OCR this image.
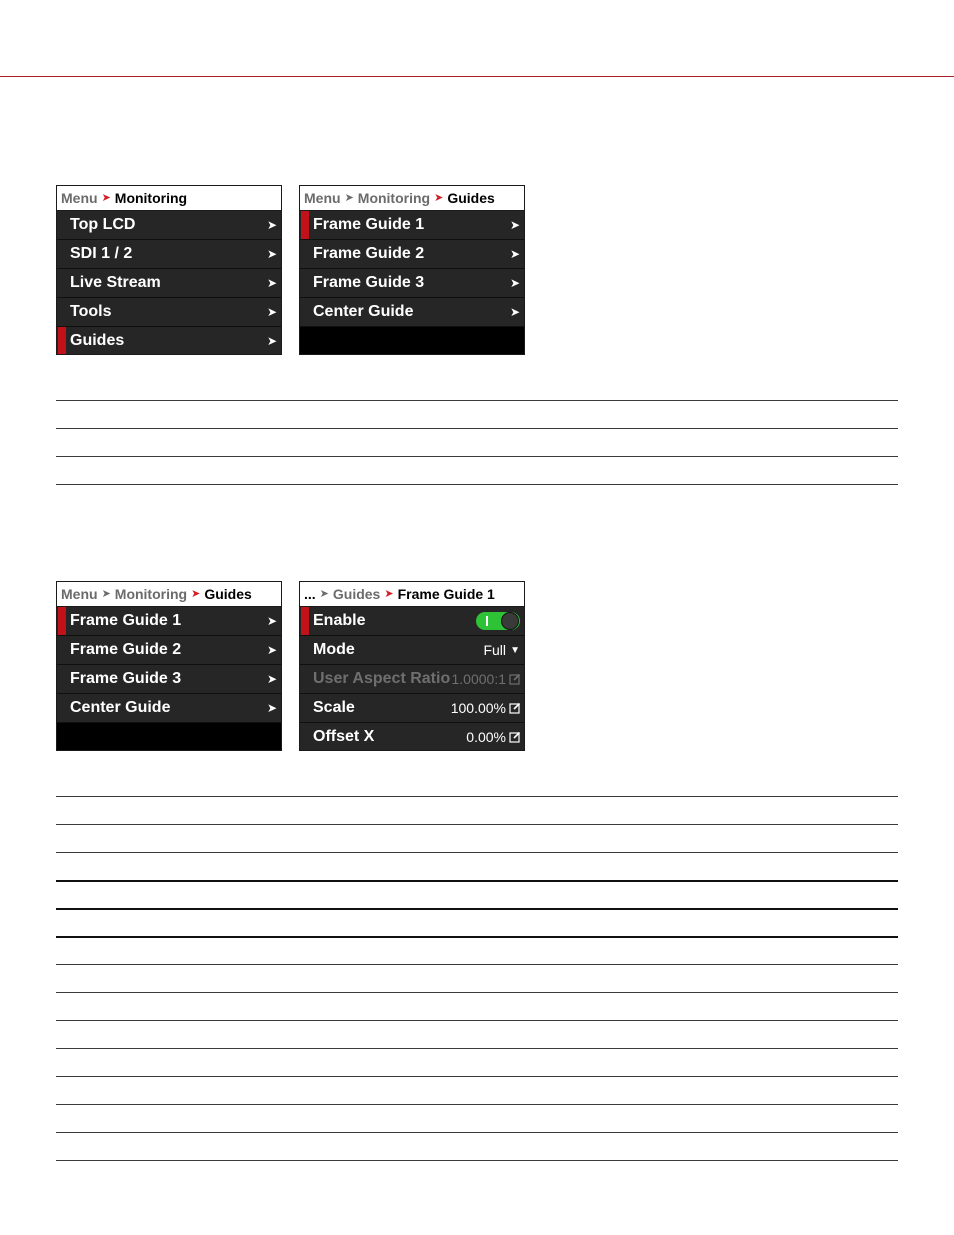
Menu ➤ Monitoring
Top LCD	➤
SDI 1 / 2	➤
Live Stream	➤
Tools	➤
Guides	➤
Menu ➤ Monitoring ➤ Guides
Frame Guide 1	➤
Frame Guide 2	➤
Frame Guide 3	➤
Center Guide	➤
Menu ➤ Monitoring ➤ Guides
Frame Guide 1	➤
Frame Guide 2	➤
Frame Guide 3	➤
Center Guide	➤
... ➤ Guides ➤ Frame Guide 1
Enable
Mode	Full ▼
User Aspect Ratio 1.0000:1
Scale	100.00%
Offset X	0.00%
